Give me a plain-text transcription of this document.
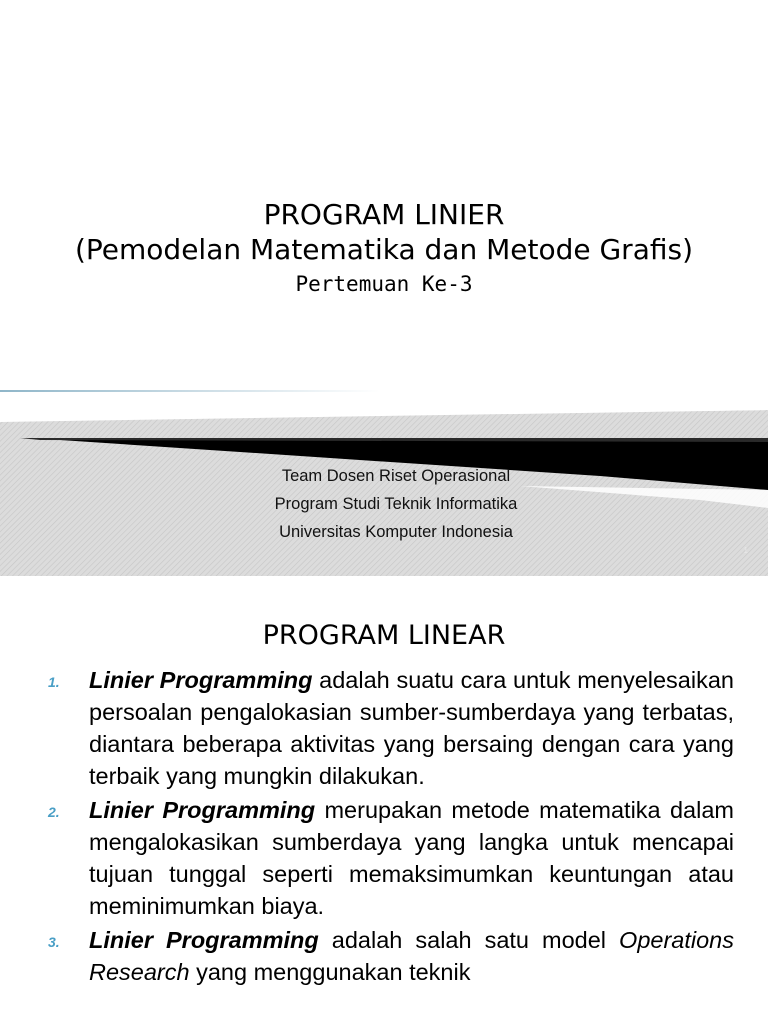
PROGRAM LINIER
(Pemodelan Matematika dan Metode Grafis)
Pertemuan Ke-3
Team Dosen Riset Operasional
Program Studi Teknik Informatika
Universitas Komputer Indonesia
1
PROGRAM LINEAR
1. Linier Programming adalah suatu cara untuk menyelesaikan persoalan pengalokasian sumber-sumberdaya yang terbatas, diantara beberapa aktivitas yang bersaing dengan cara yang terbaik yang mungkin dilakukan.
2. Linier Programming merupakan metode matematika dalam mengalokasikan sumberdaya yang langka untuk mencapai tujuan tunggal seperti memaksimumkan keuntungan atau meminimumkan biaya.
3. Linier Programming adalah salah satu model Operations Research yang menggunakan teknik
